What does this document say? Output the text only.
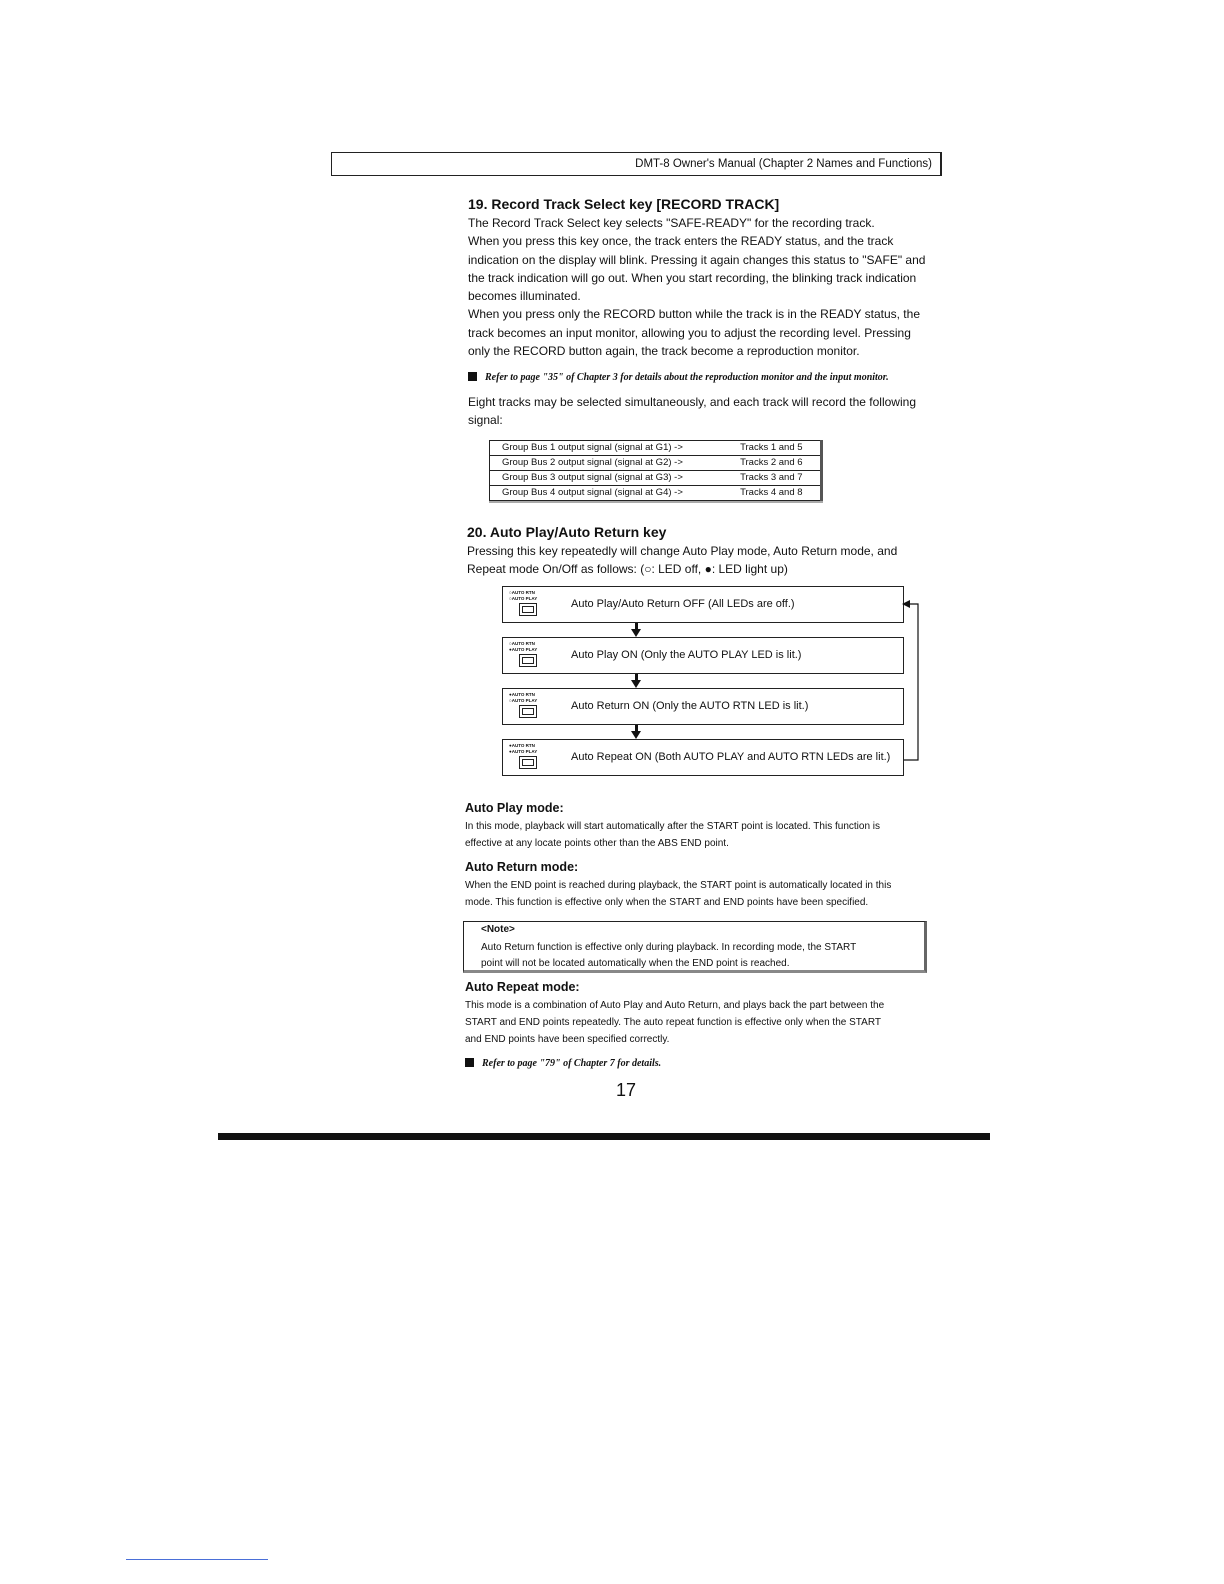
DMT-8 Owner's Manual (Chapter 2 Names and Functions)
19. Record Track Select key [RECORD TRACK]

The Record Track Select key selects "SAFE-READY" for the recording track.

When you press this key once, the track enters the READY status, and the track

indication on the display will blink. Pressing it again changes this status to "SAFE" and

the track indication will go out. When you start recording, the blinking track indication

becomes illuminated.

When you press only the RECORD button while the track is in the READY status, the

track becomes an input monitor, allowing you to adjust the recording level. Pressing

only the RECORD button again, the track become a reproduction monitor.

Refer to page "35" of Chapter 3 for details about the reproduction monitor and the input monitor.

Eight tracks may be selected simultaneously, and each track will record the following

signal:

Group Bus 1 output signal (signal at G1) ->	Tracks 1 and 5
Group Bus 2 output signal (signal at G2) ->	Tracks 2 and 6
Group Bus 3 output signal (signal at G3) ->	Tracks 3 and 7
Group Bus 4 output signal (signal at G4) ->	Tracks 4 and 8
20. Auto Play/Auto Return key

Pressing this key repeatedly will change Auto Play mode, Auto Return mode, and

Repeat mode On/Off as follows: (○: LED off, ●: LED light up)

○AUTO RTN
○AUTO PLAY	Auto Play/Auto Return OFF (All LEDs are off.)
○AUTO RTN
●AUTO PLAY	Auto Play ON (Only the AUTO PLAY LED is lit.)
●AUTO RTN
○AUTO PLAY	Auto Return ON (Only the AUTO RTN LED is lit.)
●AUTO RTN
●AUTO PLAY	Auto Repeat ON (Both AUTO PLAY and AUTO RTN LEDs are lit.)
Auto Play mode:
In this mode, playback will start automatically after the START point is located. This function is
effective at any locate points other than the ABS END point.
Auto Return mode:
When the END point is reached during playback, the START point is automatically located in this
mode. This function is effective only when the START and END points have been specified.
<Note>
Auto Return function is effective only during playback. In recording mode, the START
point will not be located automatically when the END point is reached.
Auto Repeat mode:
This mode is a combination of Auto Play and Auto Return, and plays back the part between the
START and END points repeatedly. The auto repeat function is effective only when the START
and END points have been specified correctly.
Refer to page "79" of Chapter 7 for details.
17
